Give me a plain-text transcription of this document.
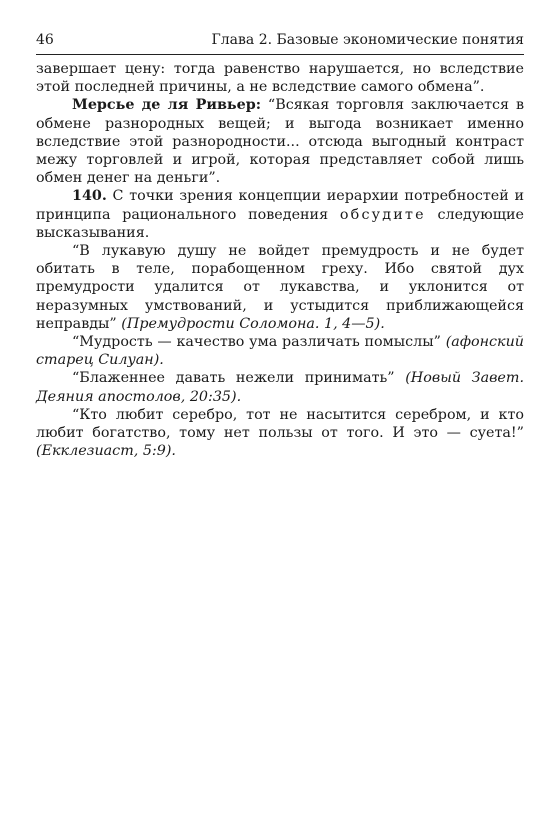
46	Глава 2. Базовые экономические понятия

завершает цену: тогда равенство нарушается, но вследствие этой последней причины, а не вследствие самого обмена”.

Мерсье де ля Ривьер: “Всякая торговля заключается в обмене разнородных вещей; и выгода возникает именно вследствие этой разнородности... отсюда выгодный контраст межу торговлей и игрой, которая представляет собой лишь обмен денег на деньги”.

140. С точки зрения концепции иерархии потребностей и принципа рационального поведения обсудите следующие высказывания.

“В лукавую душу не войдет премудрость и не будет обитать в теле, порабощенном греху. Ибо святой дух премудрости удалится от лукавства, и уклонится от неразумных умствований, и устыдится приближающейся неправды” (Премудрости Соломона. 1, 4—5).

“Мудрость — качество ума различать помыслы” (афонский старец Силуан).

“Блаженнее давать нежели принимать” (Новый Завет. Деяния апостолов, 20:35).

“Кто любит серебро, тот не насытится серебром, и кто любит богатство, тому нет пользы от того. И это — суета!” (Екклезиаст, 5:9).
